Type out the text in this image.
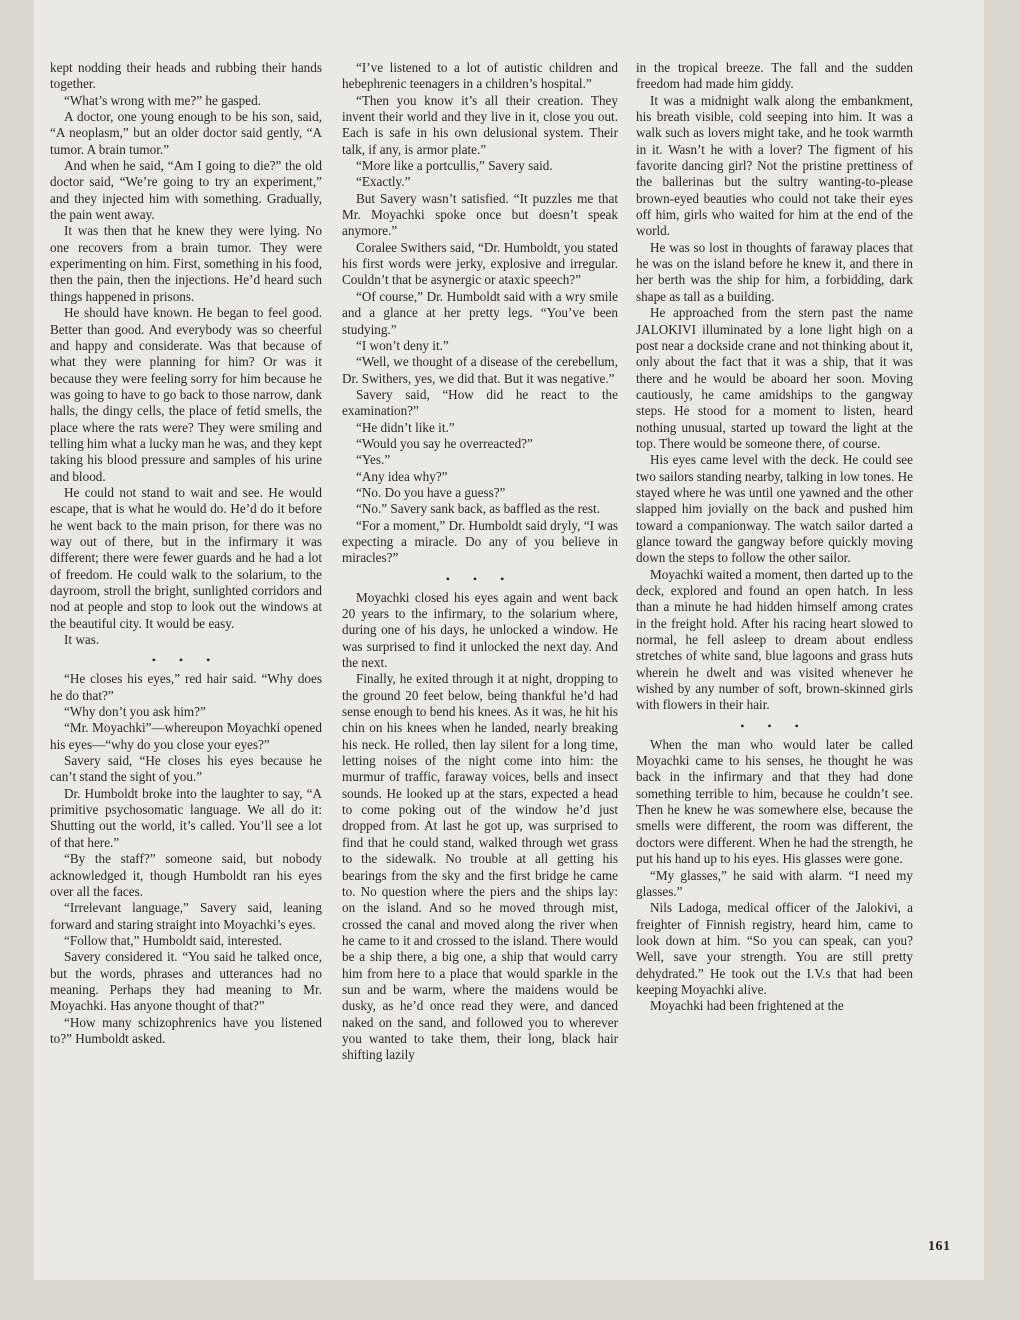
kept nodding their heads and rubbing their hands together.

“What’s wrong with me?” he gasped.

A doctor, one young enough to be his son, said, “A neoplasm,” but an older doctor said gently, “A tumor. A brain tumor.”

And when he said, “Am I going to die?” the old doctor said, “We’re going to try an experiment,” and they injected him with something. Gradually, the pain went away.

It was then that he knew they were lying. No one recovers from a brain tumor. They were experimenting on him. First, something in his food, then the pain, then the injections. He’d heard such things happened in prisons.

He should have known. He began to feel good. Better than good. And everybody was so cheerful and happy and considerate. Was that because of what they were planning for him? Or was it because they were feeling sorry for him because he was going to have to go back to those narrow, dank halls, the dingy cells, the place of fetid smells, the place where the rats were? They were smiling and telling him what a lucky man he was, and they kept taking his blood pressure and samples of his urine and blood.

He could not stand to wait and see. He would escape, that is what he would do. He’d do it before he went back to the main prison, for there was no way out of there, but in the infirmary it was different; there were fewer guards and he had a lot of freedom. He could walk to the solarium, to the dayroom, stroll the bright, sunlighted corridors and nod at people and stop to look out the windows at the beautiful city. It would be easy.

It was.

• • •

“He closes his eyes,” red hair said. “Why does he do that?”

“Why don’t you ask him?”

“Mr. Moyachki”—whereupon Moyachki opened his eyes—“why do you close your eyes?”

Savery said, “He closes his eyes because he can’t stand the sight of you.”

Dr. Humboldt broke into the laughter to say, “A primitive psychosomatic language. We all do it: Shutting out the world, it’s called. You’ll see a lot of that here.”

“By the staff?” someone said, but nobody acknowledged it, though Humboldt ran his eyes over all the faces.

“Irrelevant language,” Savery said, leaning forward and staring straight into Moyachki’s eyes.

“Follow that,” Humboldt said, interested.

Savery considered it. “You said he talked once, but the words, phrases and utterances had no meaning. Perhaps they had meaning to Mr. Moyachki. Has anyone thought of that?”

“How many schizophrenics have you listened to?” Humboldt asked.

“I’ve listened to a lot of autistic children and hebephrenic teenagers in a children’s hospital.”

“Then you know it’s all their creation. They invent their world and they live in it, close you out. Each is safe in his own delusional system. Their talk, if any, is armor plate.”

“More like a portcullis,” Savery said.

“Exactly.”

But Savery wasn’t satisfied. “It puzzles me that Mr. Moyachki spoke once but doesn’t speak anymore.”

Coralee Swithers said, “Dr. Humboldt, you stated his first words were jerky, explosive and irregular. Couldn’t that be asynergic or ataxic speech?”

“Of course,” Dr. Humboldt said with a wry smile and a glance at her pretty legs. “You’ve been studying.”

“I won’t deny it.”

“Well, we thought of a disease of the cerebellum, Dr. Swithers, yes, we did that. But it was negative.”

Savery said, “How did he react to the examination?”

“He didn’t like it.”

“Would you say he overreacted?”

“Yes.”

“Any idea why?”

“No. Do you have a guess?”

“No.” Savery sank back, as baffled as the rest.

“For a moment,” Dr. Humboldt said dryly, “I was expecting a miracle. Do any of you believe in miracles?”

• • •

Moyachki closed his eyes again and went back 20 years to the infirmary, to the solarium where, during one of his days, he unlocked a window. He was surprised to find it unlocked the next day. And the next.

Finally, he exited through it at night, dropping to the ground 20 feet below, being thankful he’d had sense enough to bend his knees. As it was, he hit his chin on his knees when he landed, nearly breaking his neck. He rolled, then lay silent for a long time, letting noises of the night come into him: the murmur of traffic, faraway voices, bells and insect sounds. He looked up at the stars, expected a head to come poking out of the window he’d just dropped from. At last he got up, was surprised to find that he could stand, walked through wet grass to the sidewalk. No trouble at all getting his bearings from the sky and the first bridge he came to. No question where the piers and the ships lay: on the island. And so he moved through mist, crossed the canal and moved along the river when he came to it and crossed to the island. There would be a ship there, a big one, a ship that would carry him from here to a place that would sparkle in the sun and be warm, where the maidens would be dusky, as he’d once read they were, and danced naked on the sand, and followed you to wherever you wanted to take them, their long, black hair shifting lazily

in the tropical breeze. The fall and the sudden freedom had made him giddy.

It was a midnight walk along the embankment, his breath visible, cold seeping into him. It was a walk such as lovers might take, and he took warmth in it. Wasn’t he with a lover? The figment of his favorite dancing girl? Not the pristine prettiness of the ballerinas but the sultry wanting-to-please brown-eyed beauties who could not take their eyes off him, girls who waited for him at the end of the world.

He was so lost in thoughts of faraway places that he was on the island before he knew it, and there in her berth was the ship for him, a forbidding, dark shape as tall as a building.

He approached from the stern past the name JALOKIVI illuminated by a lone light high on a post near a dockside crane and not thinking about it, only about the fact that it was a ship, that it was there and he would be aboard her soon. Moving cautiously, he came amidships to the gangway steps. He stood for a moment to listen, heard nothing unusual, started up toward the light at the top. There would be someone there, of course.

His eyes came level with the deck. He could see two sailors standing nearby, talking in low tones. He stayed where he was until one yawned and the other slapped him jovially on the back and pushed him toward a companionway. The watch sailor darted a glance toward the gangway before quickly moving down the steps to follow the other sailor.

Moyachki waited a moment, then darted up to the deck, explored and found an open hatch. In less than a minute he had hidden himself among crates in the freight hold. After his racing heart slowed to normal, he fell asleep to dream about endless stretches of white sand, blue lagoons and grass huts wherein he dwelt and was visited whenever he wished by any number of soft, brown-skinned girls with flowers in their hair.

• • •

When the man who would later be called Moyachki came to his senses, he thought he was back in the infirmary and that they had done something terrible to him, because he couldn’t see. Then he knew he was somewhere else, because the smells were different, the room was different, the doctors were different. When he had the strength, he put his hand up to his eyes. His glasses were gone.

“My glasses,” he said with alarm. “I need my glasses.”

Nils Ladoga, medical officer of the Jalokivi, a freighter of Finnish registry, heard him, came to look down at him. “So you can speak, can you? Well, save your strength. You are still pretty dehydrated.” He took out the I.V.s that had been keeping Moyachki alive.

Moyachki had been frightened at the

161
